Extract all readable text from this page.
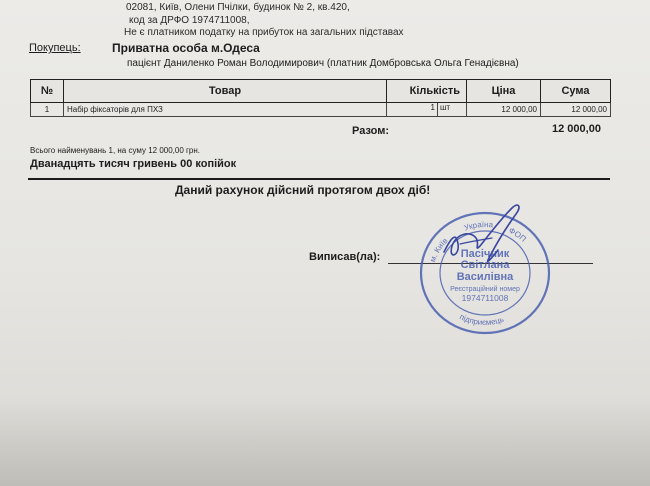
02081, Київ, Олени Пчілки, будинок № 2, кв.420,
код за ДРФО 1974711008,
Не є платником податку на прибуток на загальних підставах
Покупець:	Приватна особа м.Одеса
пацієнт Даниленко Роман Володимирович (платник Домбровська Ольга Генадієвна)
№	Товар	Кількість	Ціна	Сума
1	Набір фіксаторів для ПХЗ	1 шт	12 000,00	12 000,00
Разом:	12 000,00
Всього найменувань 1, на суму 12 000,00 грн.
Дванадцять тисяч гривень 00 копійок
Даний рахунок дійсний протягом двох діб!
Виписав(ла):	м. КиївУкраїнаФОП
підприємець
Пасічник
Світлана
Василівна
Реєстраційний номер
1974711008
